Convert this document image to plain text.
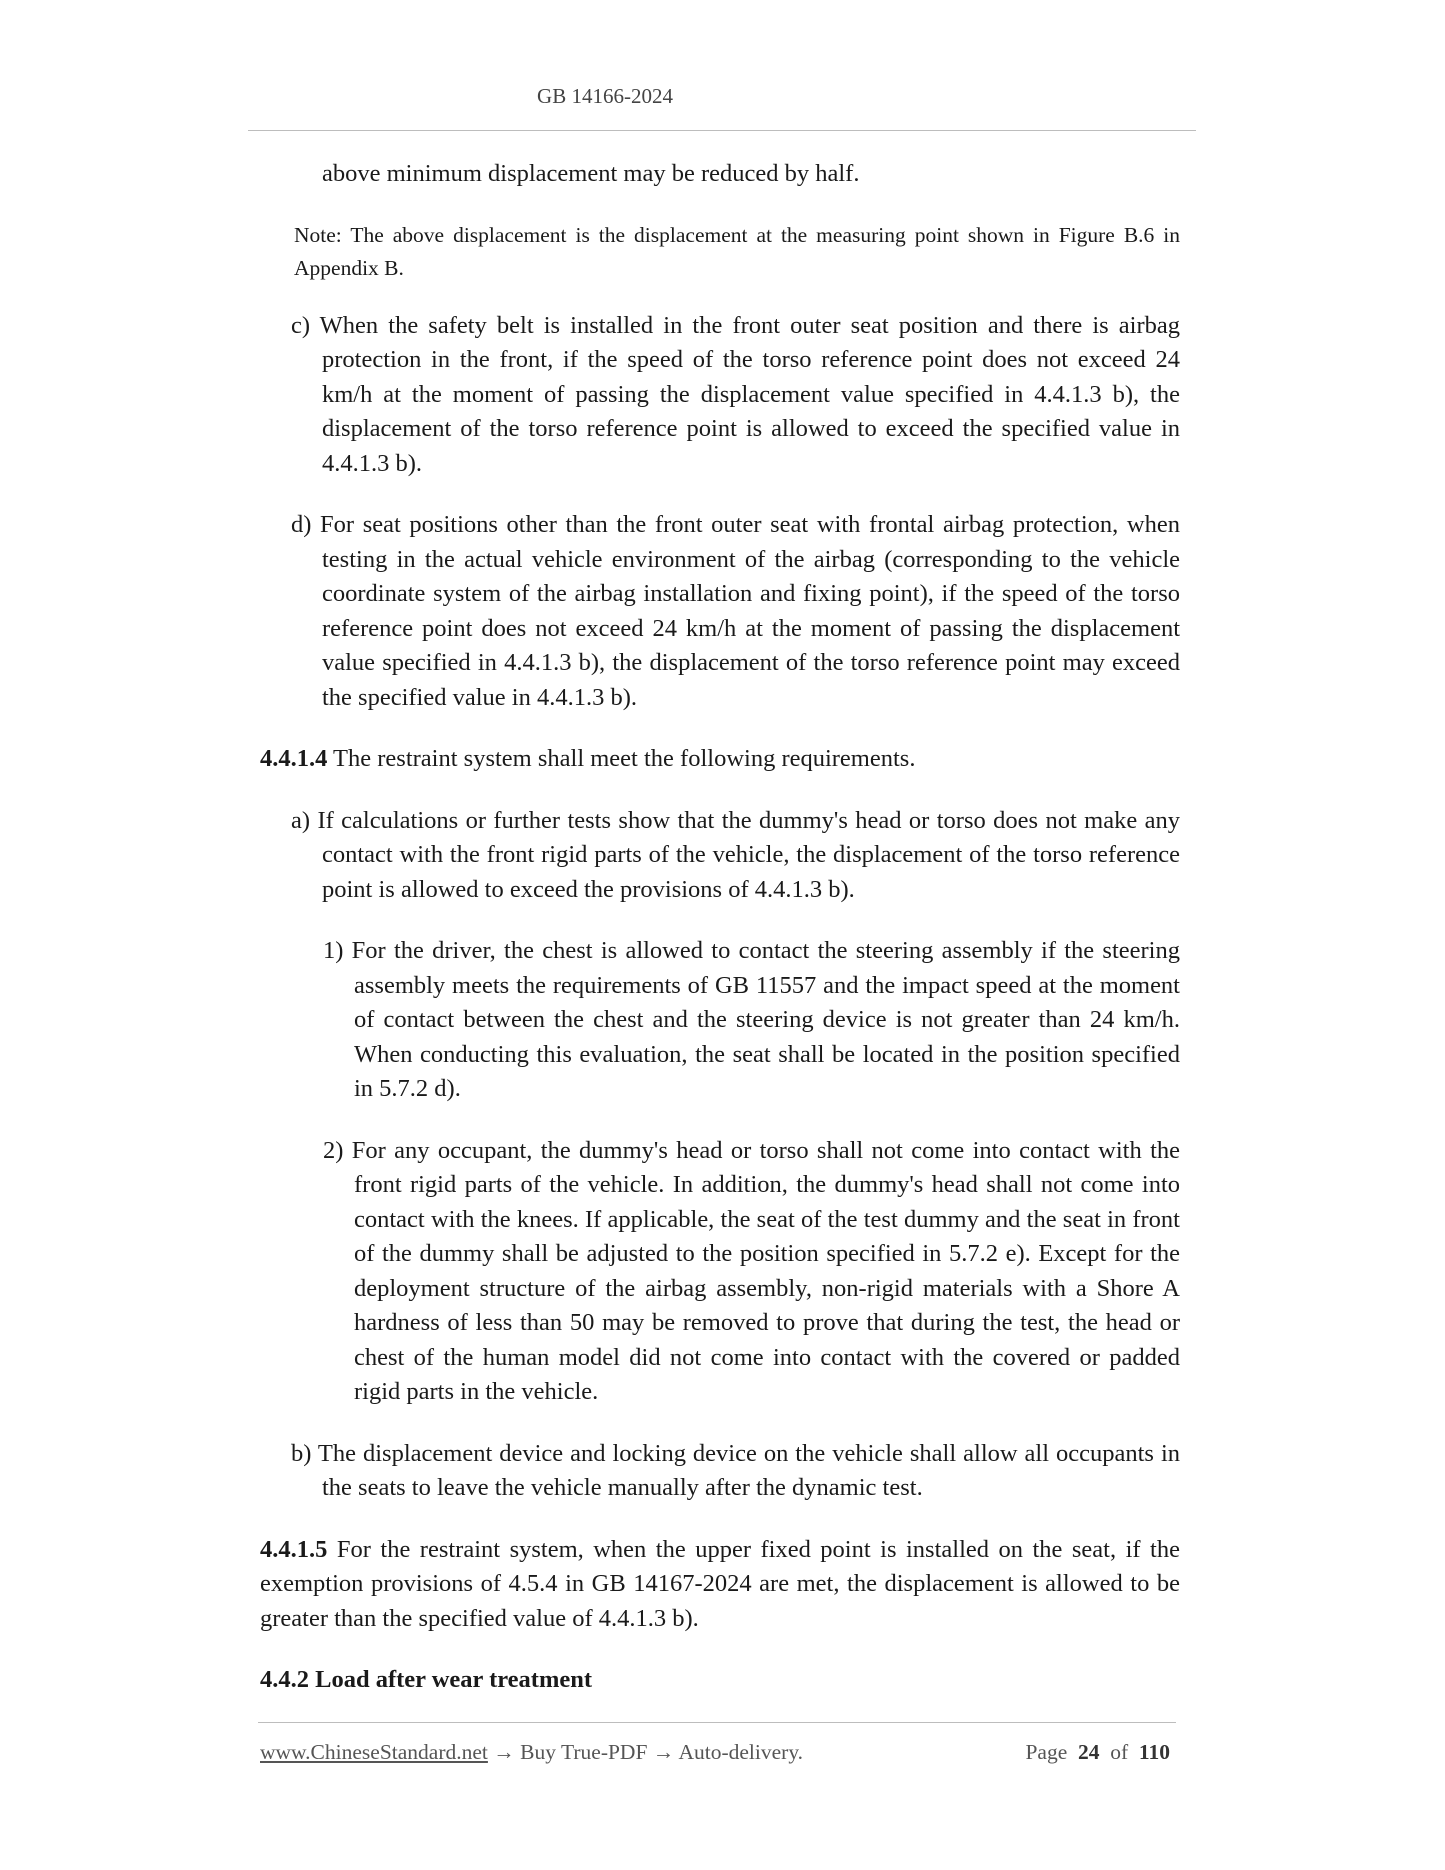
GB 14166-2024

above minimum displacement may be reduced by half.

Note: The above displacement is the displacement at the measuring point shown in Figure B.6 in Appendix B.

c) When the safety belt is installed in the front outer seat position and there is airbag protection in the front, if the speed of the torso reference point does not exceed 24 km/h at the moment of passing the displacement value specified in 4.4.1.3 b), the displacement of the torso reference point is allowed to exceed the specified value in 4.4.1.3 b).

d) For seat positions other than the front outer seat with frontal airbag protection, when testing in the actual vehicle environment of the airbag (corresponding to the vehicle coordinate system of the airbag installation and fixing point), if the speed of the torso reference point does not exceed 24 km/h at the moment of passing the displacement value specified in 4.4.1.3 b), the displacement of the torso reference point may exceed the specified value in 4.4.1.3 b).

4.4.1.4 The restraint system shall meet the following requirements.

a) If calculations or further tests show that the dummy's head or torso does not make any contact with the front rigid parts of the vehicle, the displacement of the torso reference point is allowed to exceed the provisions of 4.4.1.3 b).

1) For the driver, the chest is allowed to contact the steering assembly if the steering assembly meets the requirements of GB 11557 and the impact speed at the moment of contact between the chest and the steering device is not greater than 24 km/h. When conducting this evaluation, the seat shall be located in the position specified in 5.7.2 d).

2) For any occupant, the dummy's head or torso shall not come into contact with the front rigid parts of the vehicle. In addition, the dummy's head shall not come into contact with the knees. If applicable, the seat of the test dummy and the seat in front of the dummy shall be adjusted to the position specified in 5.7.2 e). Except for the deployment structure of the airbag assembly, non-rigid materials with a Shore A hardness of less than 50 may be removed to prove that during the test, the head or chest of the human model did not come into contact with the covered or padded rigid parts in the vehicle.

b) The displacement device and locking device on the vehicle shall allow all occupants in the seats to leave the vehicle manually after the dynamic test.

4.4.1.5 For the restraint system, when the upper fixed point is installed on the seat, if the exemption provisions of 4.5.4 in GB 14167-2024 are met, the displacement is allowed to be greater than the specified value of 4.4.1.3 b).

4.4.2 Load after wear treatment

www.ChineseStandard.net → Buy True-PDF → Auto-delivery.	Page 24 of 110
